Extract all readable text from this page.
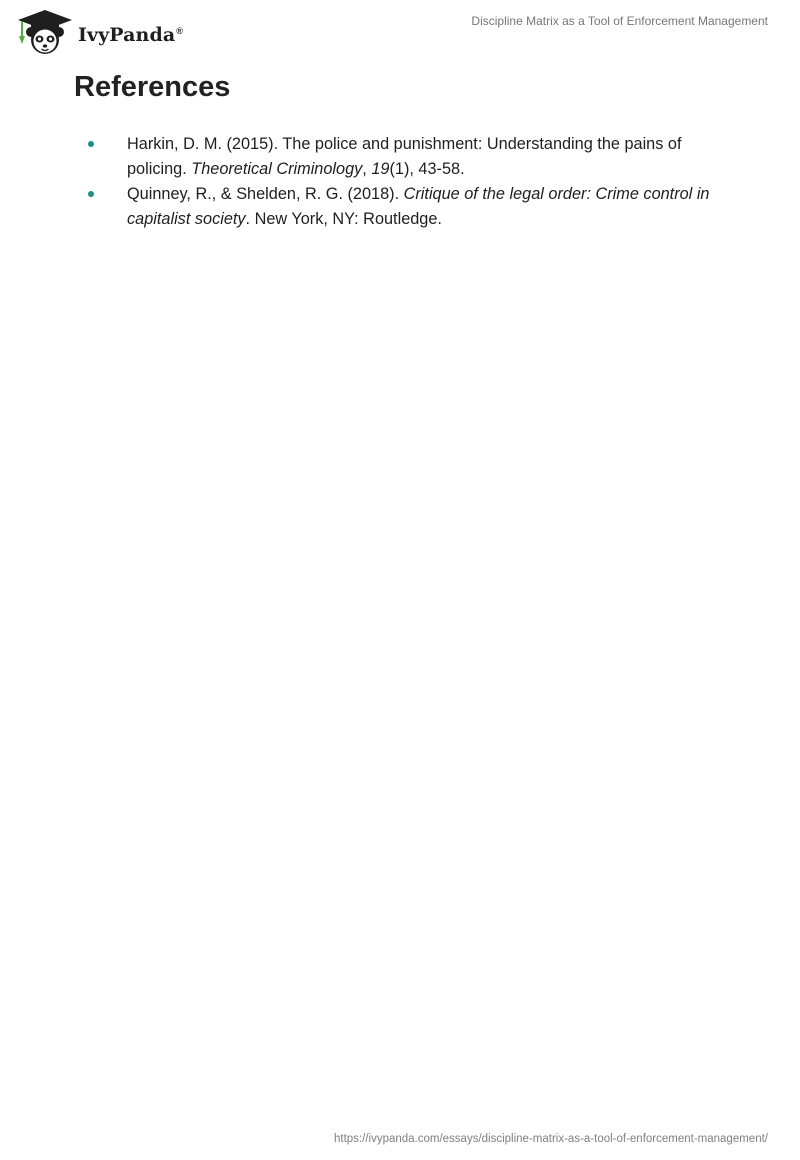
IvyPanda®
Discipline Matrix as a Tool of Enforcement Management
References
Harkin, D. M. (2015). The police and punishment: Understanding the pains of policing. Theoretical Criminology, 19(1), 43-58.
Quinney, R., & Shelden, R. G. (2018). Critique of the legal order: Crime control in capitalist society. New York, NY: Routledge.
https://ivypanda.com/essays/discipline-matrix-as-a-tool-of-enforcement-management/
